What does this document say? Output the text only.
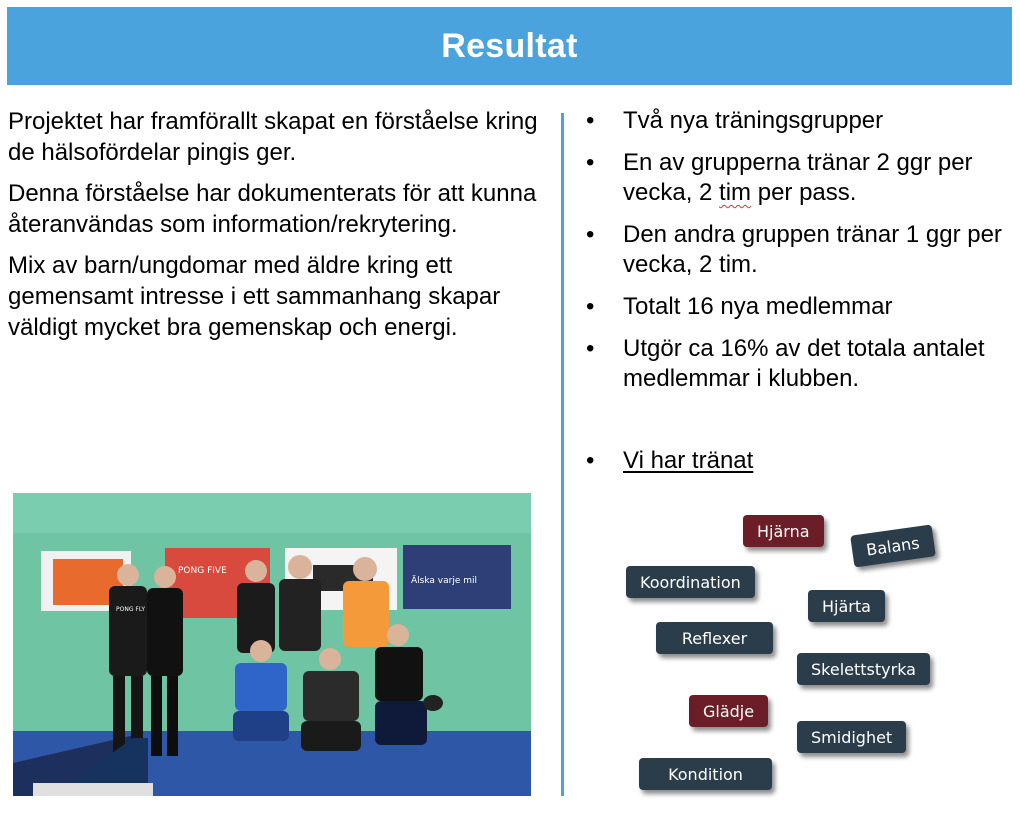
Resultat

Projektet har framförallt skapat en förståelse kring de hälsofördelar pingis ger.

Denna förståelse har dokumenterats för att kunna återanvändas som information/rekrytering.

Mix av barn/ungdomar med äldre kring ett gemensamt intresse i ett sammanhang skapar väldigt mycket bra gemenskap och energi.

• Två nya träningsgrupper
• En av grupperna tränar 2 ggr per vecka, 2 tim per pass.
• Den andra gruppen tränar 1 ggr per vecka, 2 tim.
• Totalt 16 nya medlemmar
• Utgör ca 16% av det totala antalet medlemmar i klubben.
• Vi har tränat
PONG FIVE
Älska varje mil
PONG FLY
Hjärna
Balans
Koordination
Hjärta
Reflexer
Skelettstyrka
Glädje
Smidighet
Kondition
